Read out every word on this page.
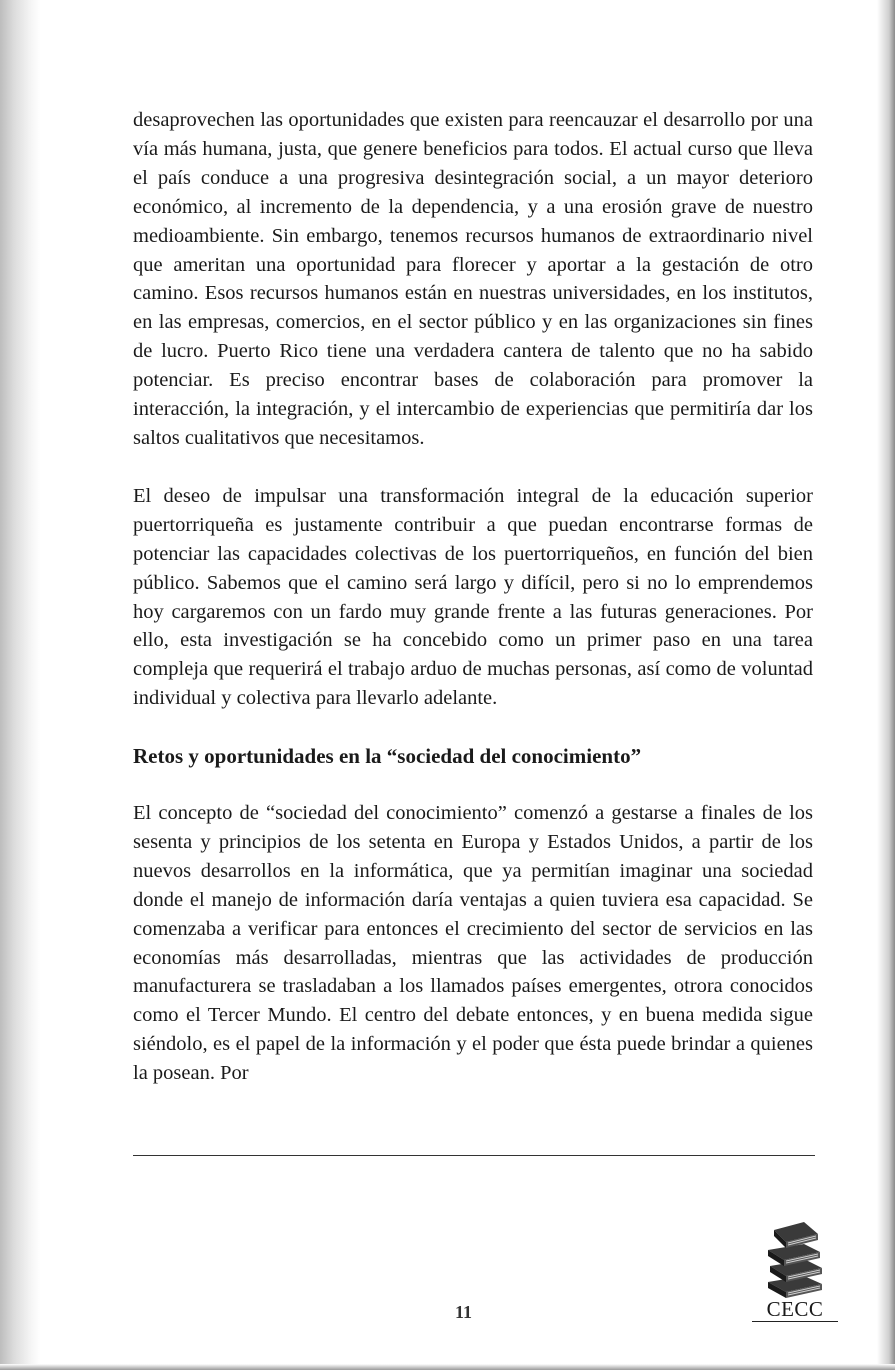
desaprovechen las oportunidades que existen para reencauzar el desarrollo por una vía más humana, justa, que genere beneficios para todos. El actual curso que lleva el país conduce a una progresiva desintegración social, a un mayor deterioro económico, al incremento de la dependencia, y a una erosión grave de nuestro medioambiente. Sin embargo, tenemos recursos humanos de extraordinario nivel que ameritan una oportunidad para florecer y aportar a la gestación de otro camino. Esos recursos humanos están en nuestras universidades, en los institutos, en las empresas, comercios, en el sector público y en las organizaciones sin fines de lucro. Puerto Rico tiene una verdadera cantera de talento que no ha sabido potenciar. Es preciso encontrar bases de colaboración para promover la interacción, la integración, y el intercambio de experiencias que permitiría dar los saltos cualitativos que necesitamos.

El deseo de impulsar una transformación integral de la educación superior puertorriqueña es justamente contribuir a que puedan encontrarse formas de potenciar las capacidades colectivas de los puertorriqueños, en función del bien público. Sabemos que el camino será largo y difícil, pero si no lo emprendemos hoy cargaremos con un fardo muy grande frente a las futuras generaciones. Por ello, esta investigación se ha concebido como un primer paso en una tarea compleja que requerirá el trabajo arduo de muchas personas, así como de voluntad individual y colectiva para llevarlo adelante.

Retos y oportunidades en la “sociedad del conocimiento”

El concepto de “sociedad del conocimiento” comenzó a gestarse a finales de los sesenta y principios de los setenta en Europa y Estados Unidos, a partir de los nuevos desarrollos en la informática, que ya permitían imaginar una sociedad donde el manejo de información daría ventajas a quien tuviera esa capacidad. Se comenzaba a verificar para entonces el crecimiento del sector de servicios en las economías más desarrolladas, mientras que las actividades de producción manufacturera se trasladaban a los llamados países emergentes, otrora conocidos como el Tercer Mundo. El centro del debate entonces, y en buena medida sigue siéndolo, es el papel de la información y el poder que ésta puede brindar a quienes la posean. Por

11	CECC
